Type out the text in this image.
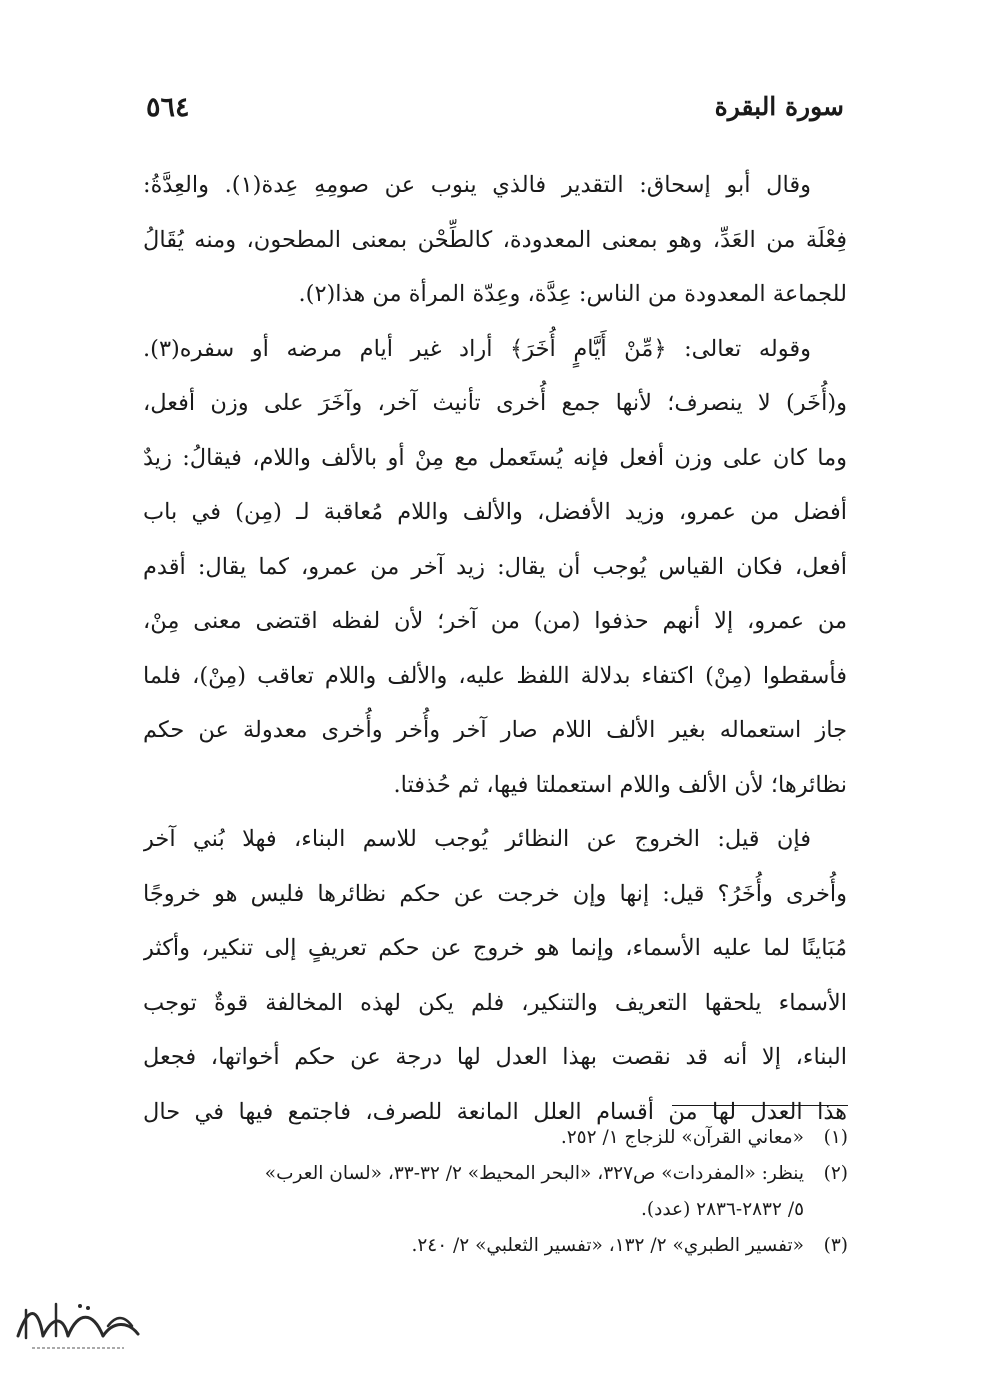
سورة البقرة
٥٦٤
وقال أبو إسحاق: التقدير فالذي ينوب عن صومِهِ عِدة(١). والعِدَّةُ:
فِعْلَة من العَدِّ، وهو بمعنى المعدودة، كالطِّحْن بمعنى المطحون، ومنه يُقَالُ
للجماعة المعدودة من الناس: عِدَّة، وعِدّة المرأة من هذا(٢).
وقوله تعالى: ﴿مِّنْ أَيَّامٍ أُخَرَ﴾ أراد غير أيام مرضه أو سفره(٣).
و(أُخَر) لا ينصرف؛ لأنها جمع أُخرى تأنيث آخر، وآخَرَ على وزن أفعل،
وما كان على وزن أفعل فإنه يُستَعمل مع مِنْ أو بالألف واللام، فيقالُ: زيدٌ
أفضل من عمرو، وزيد الأفضل، والألف واللام مُعاقبة لـ (مِن) في باب
أفعل، فكان القياس يُوجب أن يقال: زيد آخر من عمرو، كما يقال: أقدم
من عمرو، إلا أنهم حذفوا (من) من آخر؛ لأن لفظه اقتضى معنى مِنْ،
فأسقطوا (مِنْ) اكتفاء بدلالة اللفظ عليه، والألف واللام تعاقب (مِنْ)، فلما
جاز استعماله بغير الألف اللام صار آخر وأُخر وأُخرى معدولة عن حكم
نظائرها؛ لأن الألف واللام استعملتا فيها، ثم حُذفتا.
فإن قيل: الخروج عن النظائر يُوجب للاسم البناء، فهلا بُني آخر
وأُخرى وأُخَرُ؟ قيل: إنها وإن خرجت عن حكم نظائرها فليس هو خروجًا
مُبَاينًا لما عليه الأسماء، وإنما هو خروج عن حكم تعريفٍ إلى تنكير، وأكثر
الأسماء يلحقها التعريف والتنكير، فلم يكن لهذه المخالفة قوةٌ توجب
البناء، إلا أنه قد نقصت بهذا العدل لها درجة عن حكم أخواتها، فجعل
هذا العدل لها من أقسام العلل المانعة للصرف، فاجتمع فيها في حال
(١)«معاني القرآن» للزجاج ١/ ٢٥٢.
(٢)ينظر: «المفردات» ص٣٢٧، «البحر المحيط» ٢/ ٣٢-٣٣، «لسان العرب»
٥/ ٢٨٣٢-٢٨٣٦ (عدد).
(٣)«تفسير الطبري» ٢/ ١٣٢، «تفسير الثعلبي» ٢/ ٢٤٠.
